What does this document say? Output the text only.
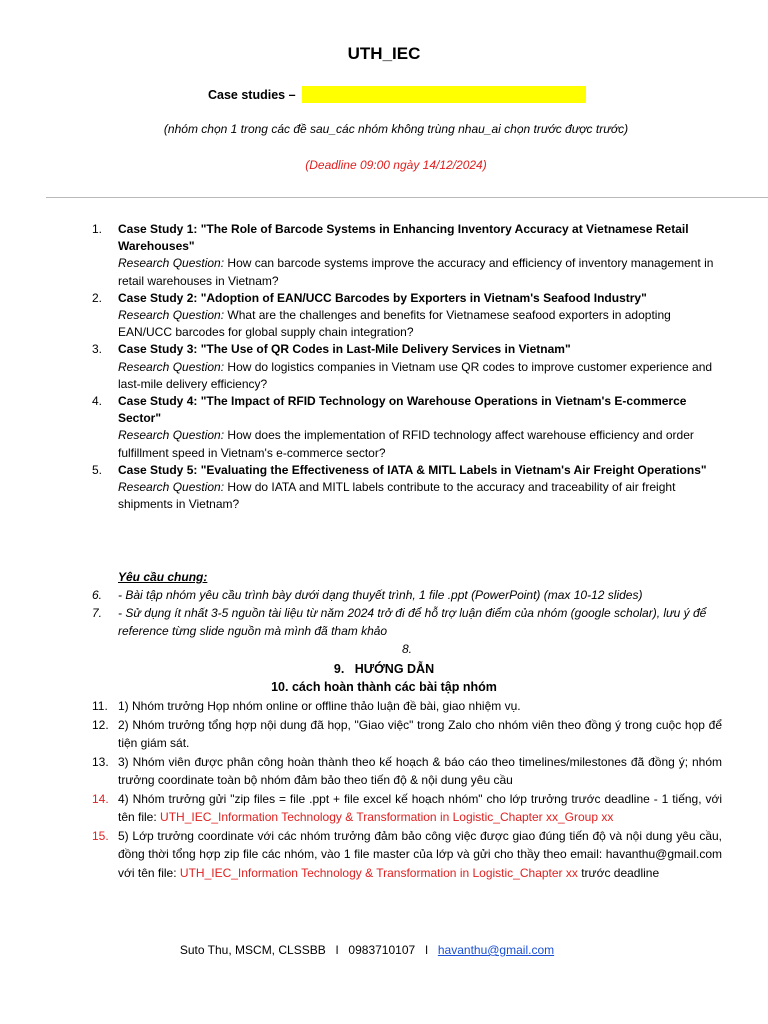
UTH_IEC
Case studies –
(nhóm chọn 1 trong các đề sau_các nhóm không trùng nhau_ai chọn trước được trước)
(Deadline 09:00 ngày 14/12/2024)
1.	Case Study 1: "The Role of Barcode Systems in Enhancing Inventory Accuracy at Vietnamese Retail Warehouses"
Research Question: How can barcode systems improve the accuracy and efficiency of inventory management in retail warehouses in Vietnam?
2.	Case Study 2: "Adoption of EAN/UCC Barcodes by Exporters in Vietnam's Seafood Industry"
Research Question: What are the challenges and benefits for Vietnamese seafood exporters in adopting EAN/UCC barcodes for global supply chain integration?
3.	Case Study 3: "The Use of QR Codes in Last-Mile Delivery Services in Vietnam"
Research Question: How do logistics companies in Vietnam use QR codes to improve customer experience and last-mile delivery efficiency?
4.	Case Study 4: "The Impact of RFID Technology on Warehouse Operations in Vietnam's E-commerce Sector"
Research Question: How does the implementation of RFID technology affect warehouse efficiency and order fulfillment speed in Vietnam's e-commerce sector?
5.	Case Study 5: "Evaluating the Effectiveness of IATA & MITL Labels in Vietnam's Air Freight Operations"
Research Question: How do IATA and MITL labels contribute to the accuracy and traceability of air freight shipments in Vietnam?
Yêu cầu chung:
6.	- Bài tập nhóm yêu cầu trình bày dưới dạng thuyết trình, 1 file .ppt (PowerPoint) (max 10-12 slides)
7.	- Sử dụng ít nhất 3-5 nguồn tài liệu từ năm 2024 trở đi để hỗ trợ luận điểm của nhóm (google scholar), lưu ý để reference từng slide nguồn mà mình đã tham khảo
8.
9. HƯỚNG DẪN
10. cách hoàn thành các bài tập nhóm
11. 1) Nhóm trưởng Họp nhóm online or offline thảo luận đề bài, giao nhiệm vụ.
12. 2) Nhóm trưởng tổng hợp nội dung đã họp, "Giao việc" trong Zalo cho nhóm viên theo đồng ý trong cuộc họp để tiện giám sát.
13. 3) Nhóm viên được phân công hoàn thành theo kế hoạch & báo cáo theo timelines/milestones đã đồng ý; nhóm trưởng coordinate toàn bộ nhóm đảm bảo theo tiến độ & nội dung yêu cầu
14. 4) Nhóm trưởng gửi "zip files = file .ppt + file excel kế hoạch nhóm" cho lớp trưởng trước deadline - 1 tiếng, với tên file: UTH_IEC_Information Technology & Transformation in Logistic_Chapter xx_Group xx
15. 5) Lớp trưởng coordinate với các nhóm trưởng đảm bảo công việc được giao đúng tiến độ và nội dung yêu cầu, đồng thời tổng hợp zip file các nhóm, vào 1 file master của lớp và gửi cho thầy theo email: havanthu@gmail.com với tên file: UTH_IEC_Information Technology & Transformation in Logistic_Chapter xx trước deadline
Suto Thu, MSCM, CLSSBB l 0983710107 l havanthu@gmail.com
